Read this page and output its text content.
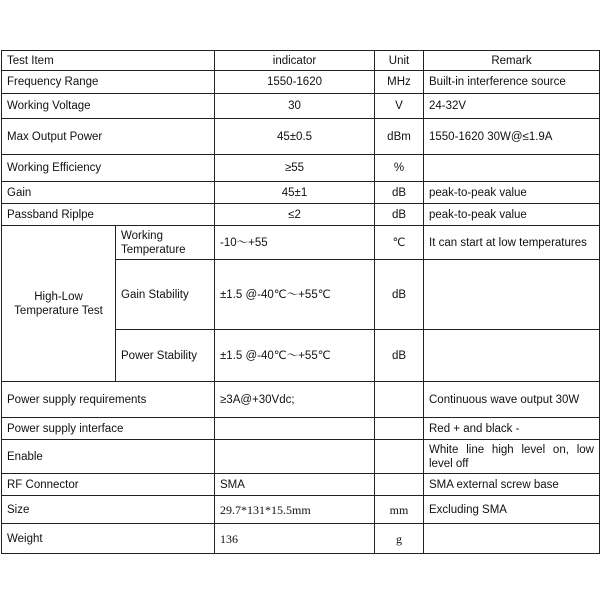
Test Item		indicator	Unit	Remark
Frequency Range		1550-1620	MHz	Built-in interference source
Working Voltage		30	V	24-32V
Max Output Power		45±0.5	dBm	1550-1620 30W@≤1.9A
Working Efficiency		≥55	%	
Gain		45±1	dB	peak-to-peak value
Passband Riplpe		≤2	dB	peak-to-peak value
High-Low Temperature Test	Working Temperature	-10～+55	℃	It can start at low temperatures
	Gain Stability	±1.5 @-40℃～+55℃	dB	
	Power Stability	±1.5 @-40℃～+55℃	dB	
Power supply requirements		≥3A@+30Vdc;		Continuous wave output 30W
Power supply interface				Red + and black -
Enable				White line high level on, low level off
RF Connector		SMA		SMA external screw base
Size		29.7*131*15.5mm	mm	Excluding SMA
Weight		136	g	
